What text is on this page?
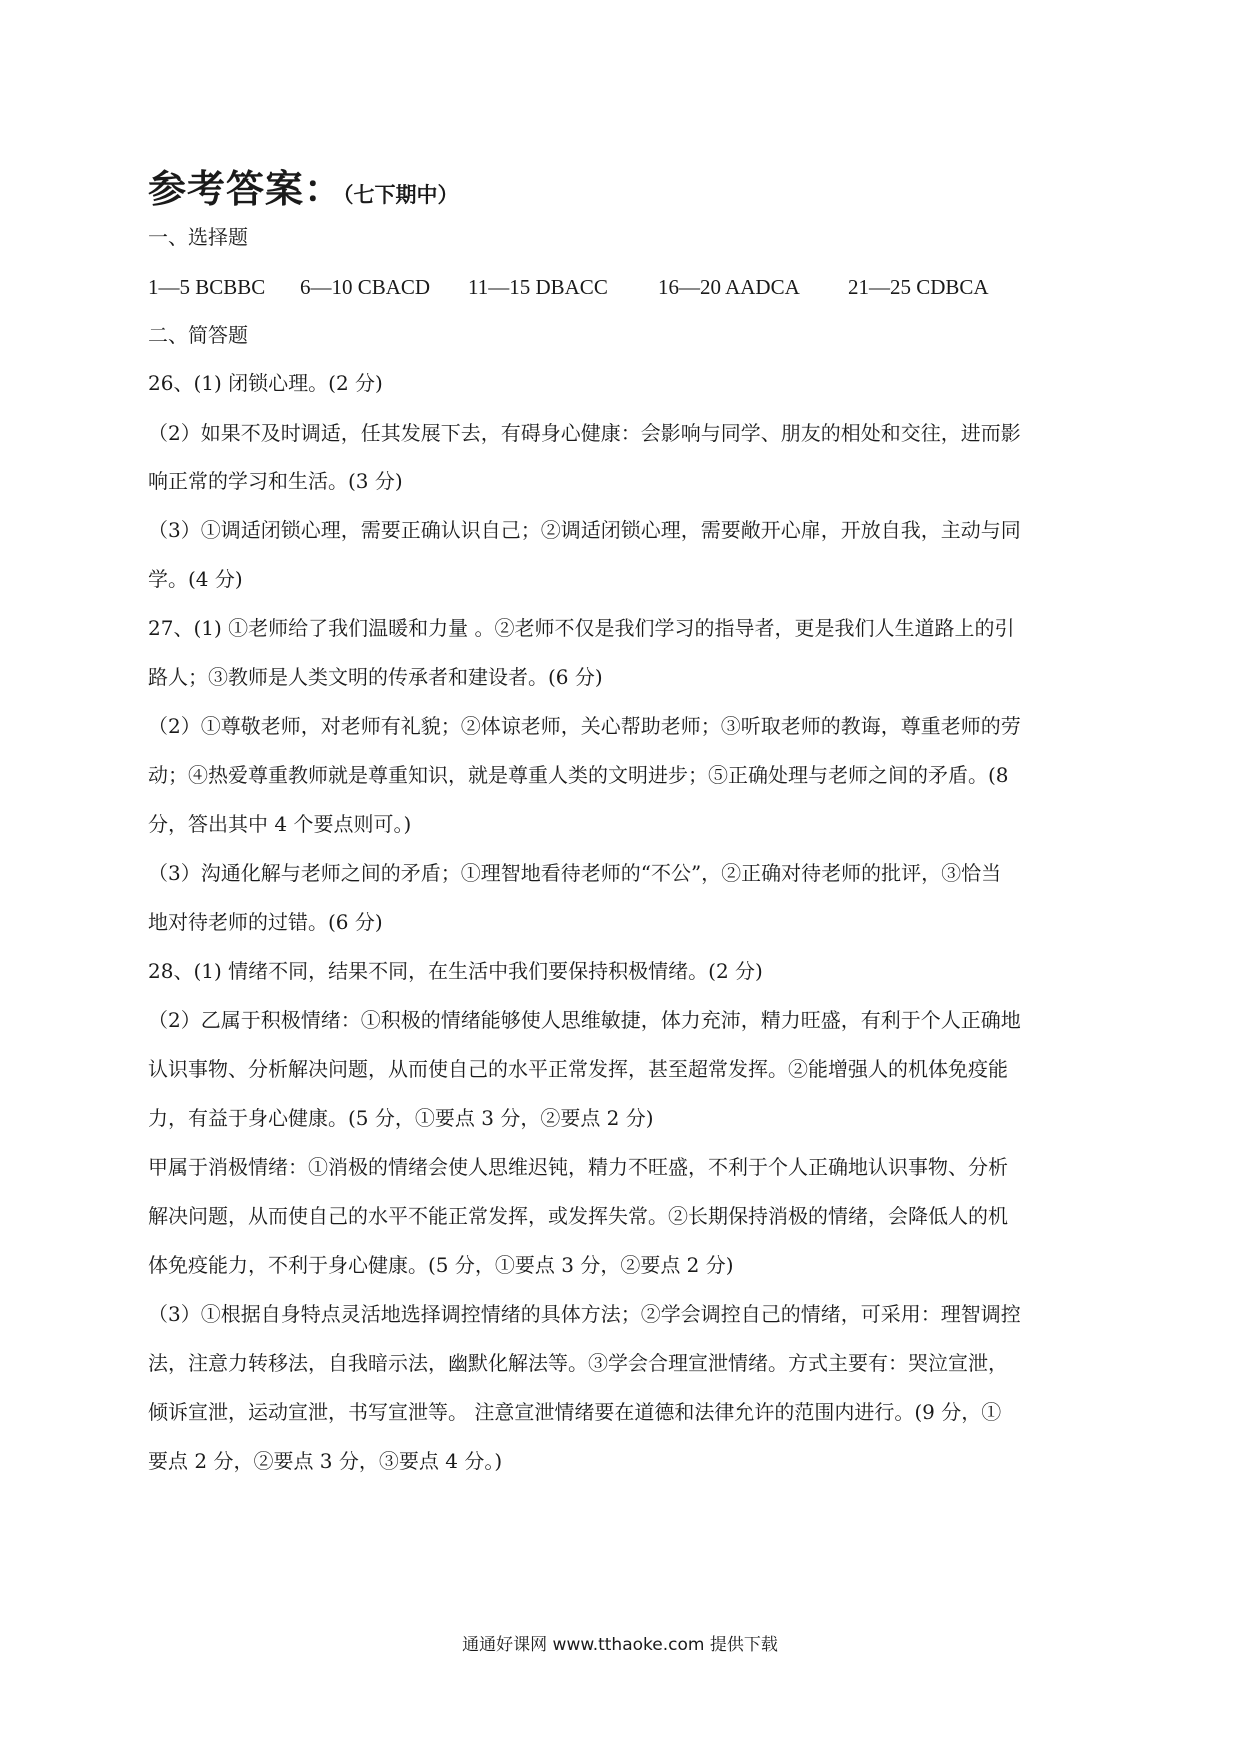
参考答案：（七下期中）
一、选择题
1—5 BCBBC 6—10 CBACD 11—15 DBACC 16—20 AADCA 21—25 CDBCA
二、简答题
26、(1) 闭锁心理。(2 分)
（2）如果不及时调适，任其发展下去，有碍身心健康：会影响与同学、朋友的相处和交往，进而影
响正常的学习和生活。(3 分)
（3）①调适闭锁心理，需要正确认识自己；②调适闭锁心理，需要敞开心扉，开放自我，主动与同
学。(4 分)
27、(1) ①老师给了我们温暖和力量 。②老师不仅是我们学习的指导者，更是我们人生道路上的引
路人；③教师是人类文明的传承者和建设者。(6 分)
（2）①尊敬老师，对老师有礼貌；②体谅老师，关心帮助老师；③听取老师的教诲，尊重老师的劳
动；④热爱尊重教师就是尊重知识，就是尊重人类的文明进步；⑤正确处理与老师之间的矛盾。(8
分，答出其中 4 个要点则可。)
（3）沟通化解与老师之间的矛盾；①理智地看待老师的“不公”，②正确对待老师的批评，③恰当
地对待老师的过错。(6 分)
28、(1) 情绪不同，结果不同，在生活中我们要保持积极情绪。(2 分)
（2）乙属于积极情绪：①积极的情绪能够使人思维敏捷，体力充沛，精力旺盛，有利于个人正确地
认识事物、分析解决问题，从而使自己的水平正常发挥，甚至超常发挥。②能增强人的机体免疫能
力，有益于身心健康。(5 分，①要点 3 分，②要点 2 分)
甲属于消极情绪：①消极的情绪会使人思维迟钝，精力不旺盛，不利于个人正确地认识事物、分析
解决问题，从而使自己的水平不能正常发挥，或发挥失常。②长期保持消极的情绪，会降低人的机
体免疫能力，不利于身心健康。(5 分，①要点 3 分，②要点 2 分)
（3）①根据自身特点灵活地选择调控情绪的具体方法；②学会调控自己的情绪，可采用：理智调控
法，注意力转移法，自我暗示法，幽默化解法等。③学会合理宣泄情绪。方式主要有：哭泣宣泄，
倾诉宣泄，运动宣泄，书写宣泄等。 注意宣泄情绪要在道德和法律允许的范围内进行。(9 分，①
要点 2 分，②要点 3 分，③要点 4 分。)
通通好课网 www.tthaoke.com 提供下载
